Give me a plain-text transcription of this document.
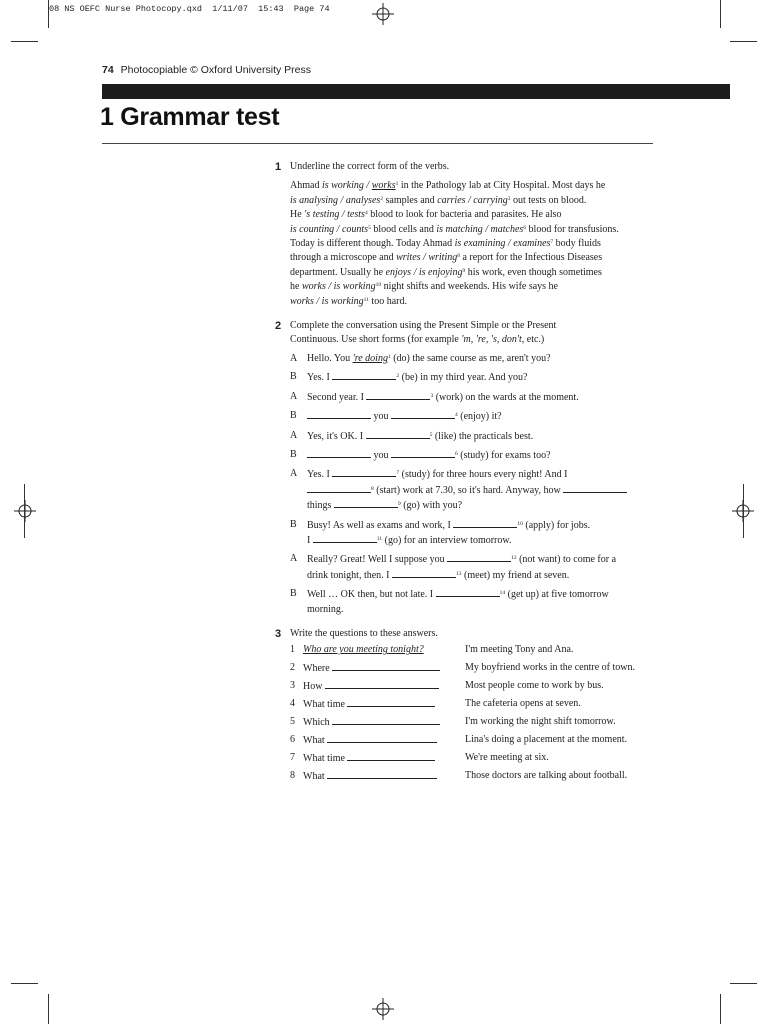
08 NS OEFC Nurse Photocopy.qxd  1/11/07  15:43  Page 74
74 Photocopiable © Oxford University Press
1 Grammar test
1 Underline the correct form of the verbs.
Ahmad is working / works$^1$ in the Pathology lab at City Hospital. Most days he
is analysing / analyses$^2$ samples and carries / carrying$^3$ out tests on blood.
He 's testing / tests$^4$ blood to look for bacteria and parasites. He also
is counting / counts$^5$ blood cells and is matching / matches$^6$ blood for transfusions.
Today is different though. Today Ahmad is examining / examines$^7$ body fluids
through a microscope and writes / writing$^8$ a report for the Infectious Diseases
department. Usually he enjoys / is enjoying$^9$ his work, even though sometimes
he works / is working$^{10}$ night shifts and weekends. His wife says he
works / is working$^{11}$ too hard.
2 Complete the conversation using the Present Simple or the Present
Continuous. Use short forms (for example 'm, 're, 's, don't, etc.)
A Hello. You 're doing$^1$ (do) the same course as me, aren't you?
B Yes. I	$^2$ (be) in my third year. And you?
A Second year. I	$^3$ (work) on the wards at the moment.
B	you	$^4$ (enjoy) it?
A Yes, it's OK. I	$^5$ (like) the practicals best.
B	you	$^6$ (study) for exams too?
A Yes. I	$^7$ (study) for three hours every night! And I
$^8$ (start) work at 7.30, so it's hard. Anyway, how
things	$^9$ (go) with you?
B Busy! As well as exams and work, I	$^{10}$ (apply) for jobs.
I	$^{11}$ (go) for an interview tomorrow.
A Really? Great! Well I suppose you	$^{12}$ (not want) to come for a
drink tonight, then. I	$^{13}$ (meet) my friend at seven.
B Well … OK then, but not late. I	$^{14}$ (get up) at five tomorrow
morning.
3 Write the questions to these answers.
1 Who are you meeting tonight?	I'm meeting Tony and Ana.
2 Where	My boyfriend works in the centre of town.
3 How	Most people come to work by bus.
4 What time	The cafeteria opens at seven.
5 Which	I'm working the night shift tomorrow.
6 What	Lina's doing a placement at the moment.
7 What time	We're meeting at six.
8 What	Those doctors are talking about football.
